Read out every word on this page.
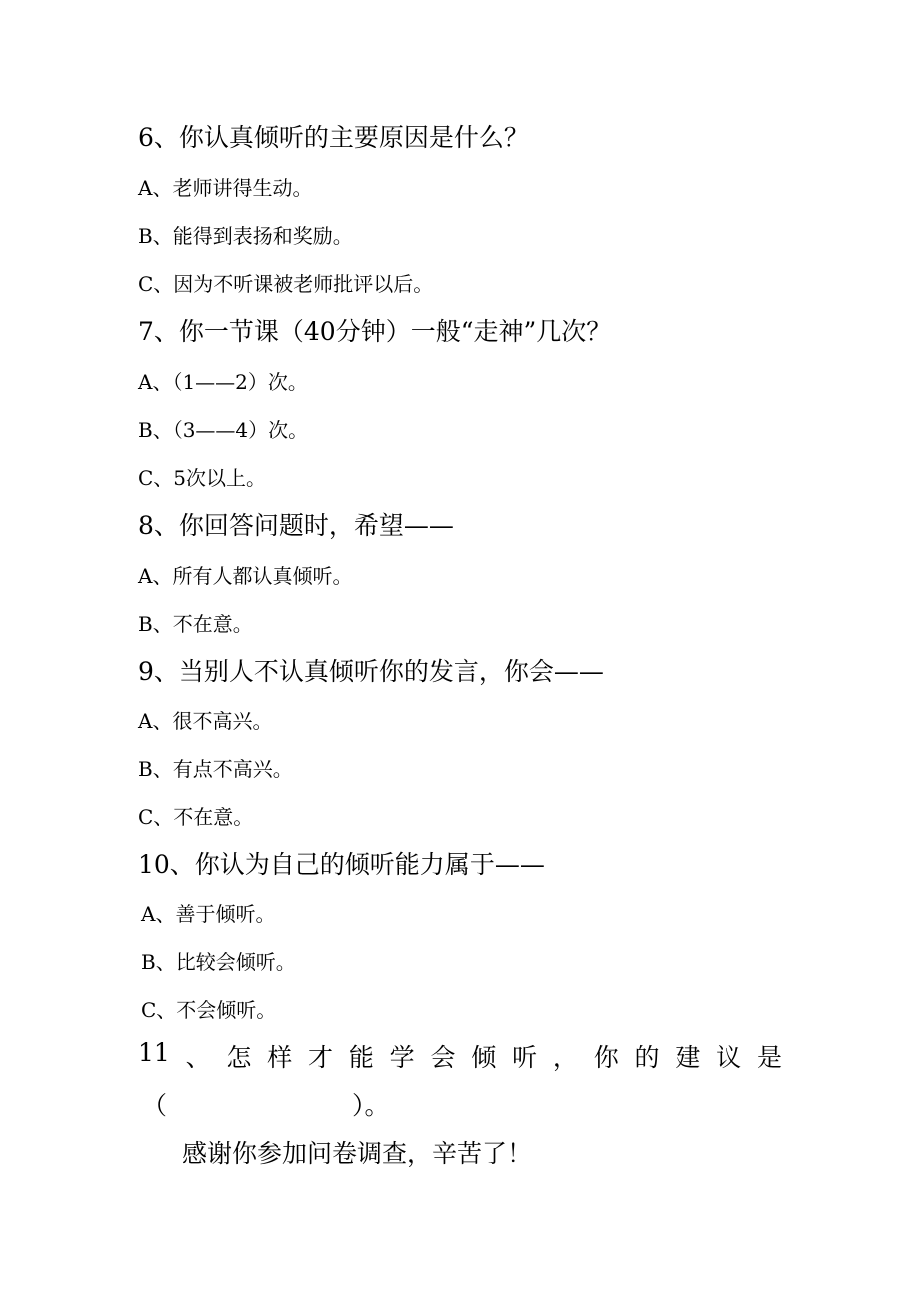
6、你认真倾听的主要原因是什么？
A、老师讲得生动。
B、能得到表扬和奖励。
C、因为不听课被老师批评以后。
7、你一节课（40分钟）一般“走神”几次？
A、（1——2）次。
B、（3——4）次。
C、5次以上。
8、你回答问题时，希望——
A、所有人都认真倾听。
B、不在意。
9、当别人不认真倾听你的发言，你会——
A、很不高兴。
B、有点不高兴。
C、不在意。
10、你认为自己的倾听能力属于——
A、善于倾听。
B、比较会倾听。
C、不会倾听。
11 、 怎 样 才 能 学 会 倾 听 ， 你 的 建 议 是
（	）。
感谢你参加问卷调查，辛苦了！
